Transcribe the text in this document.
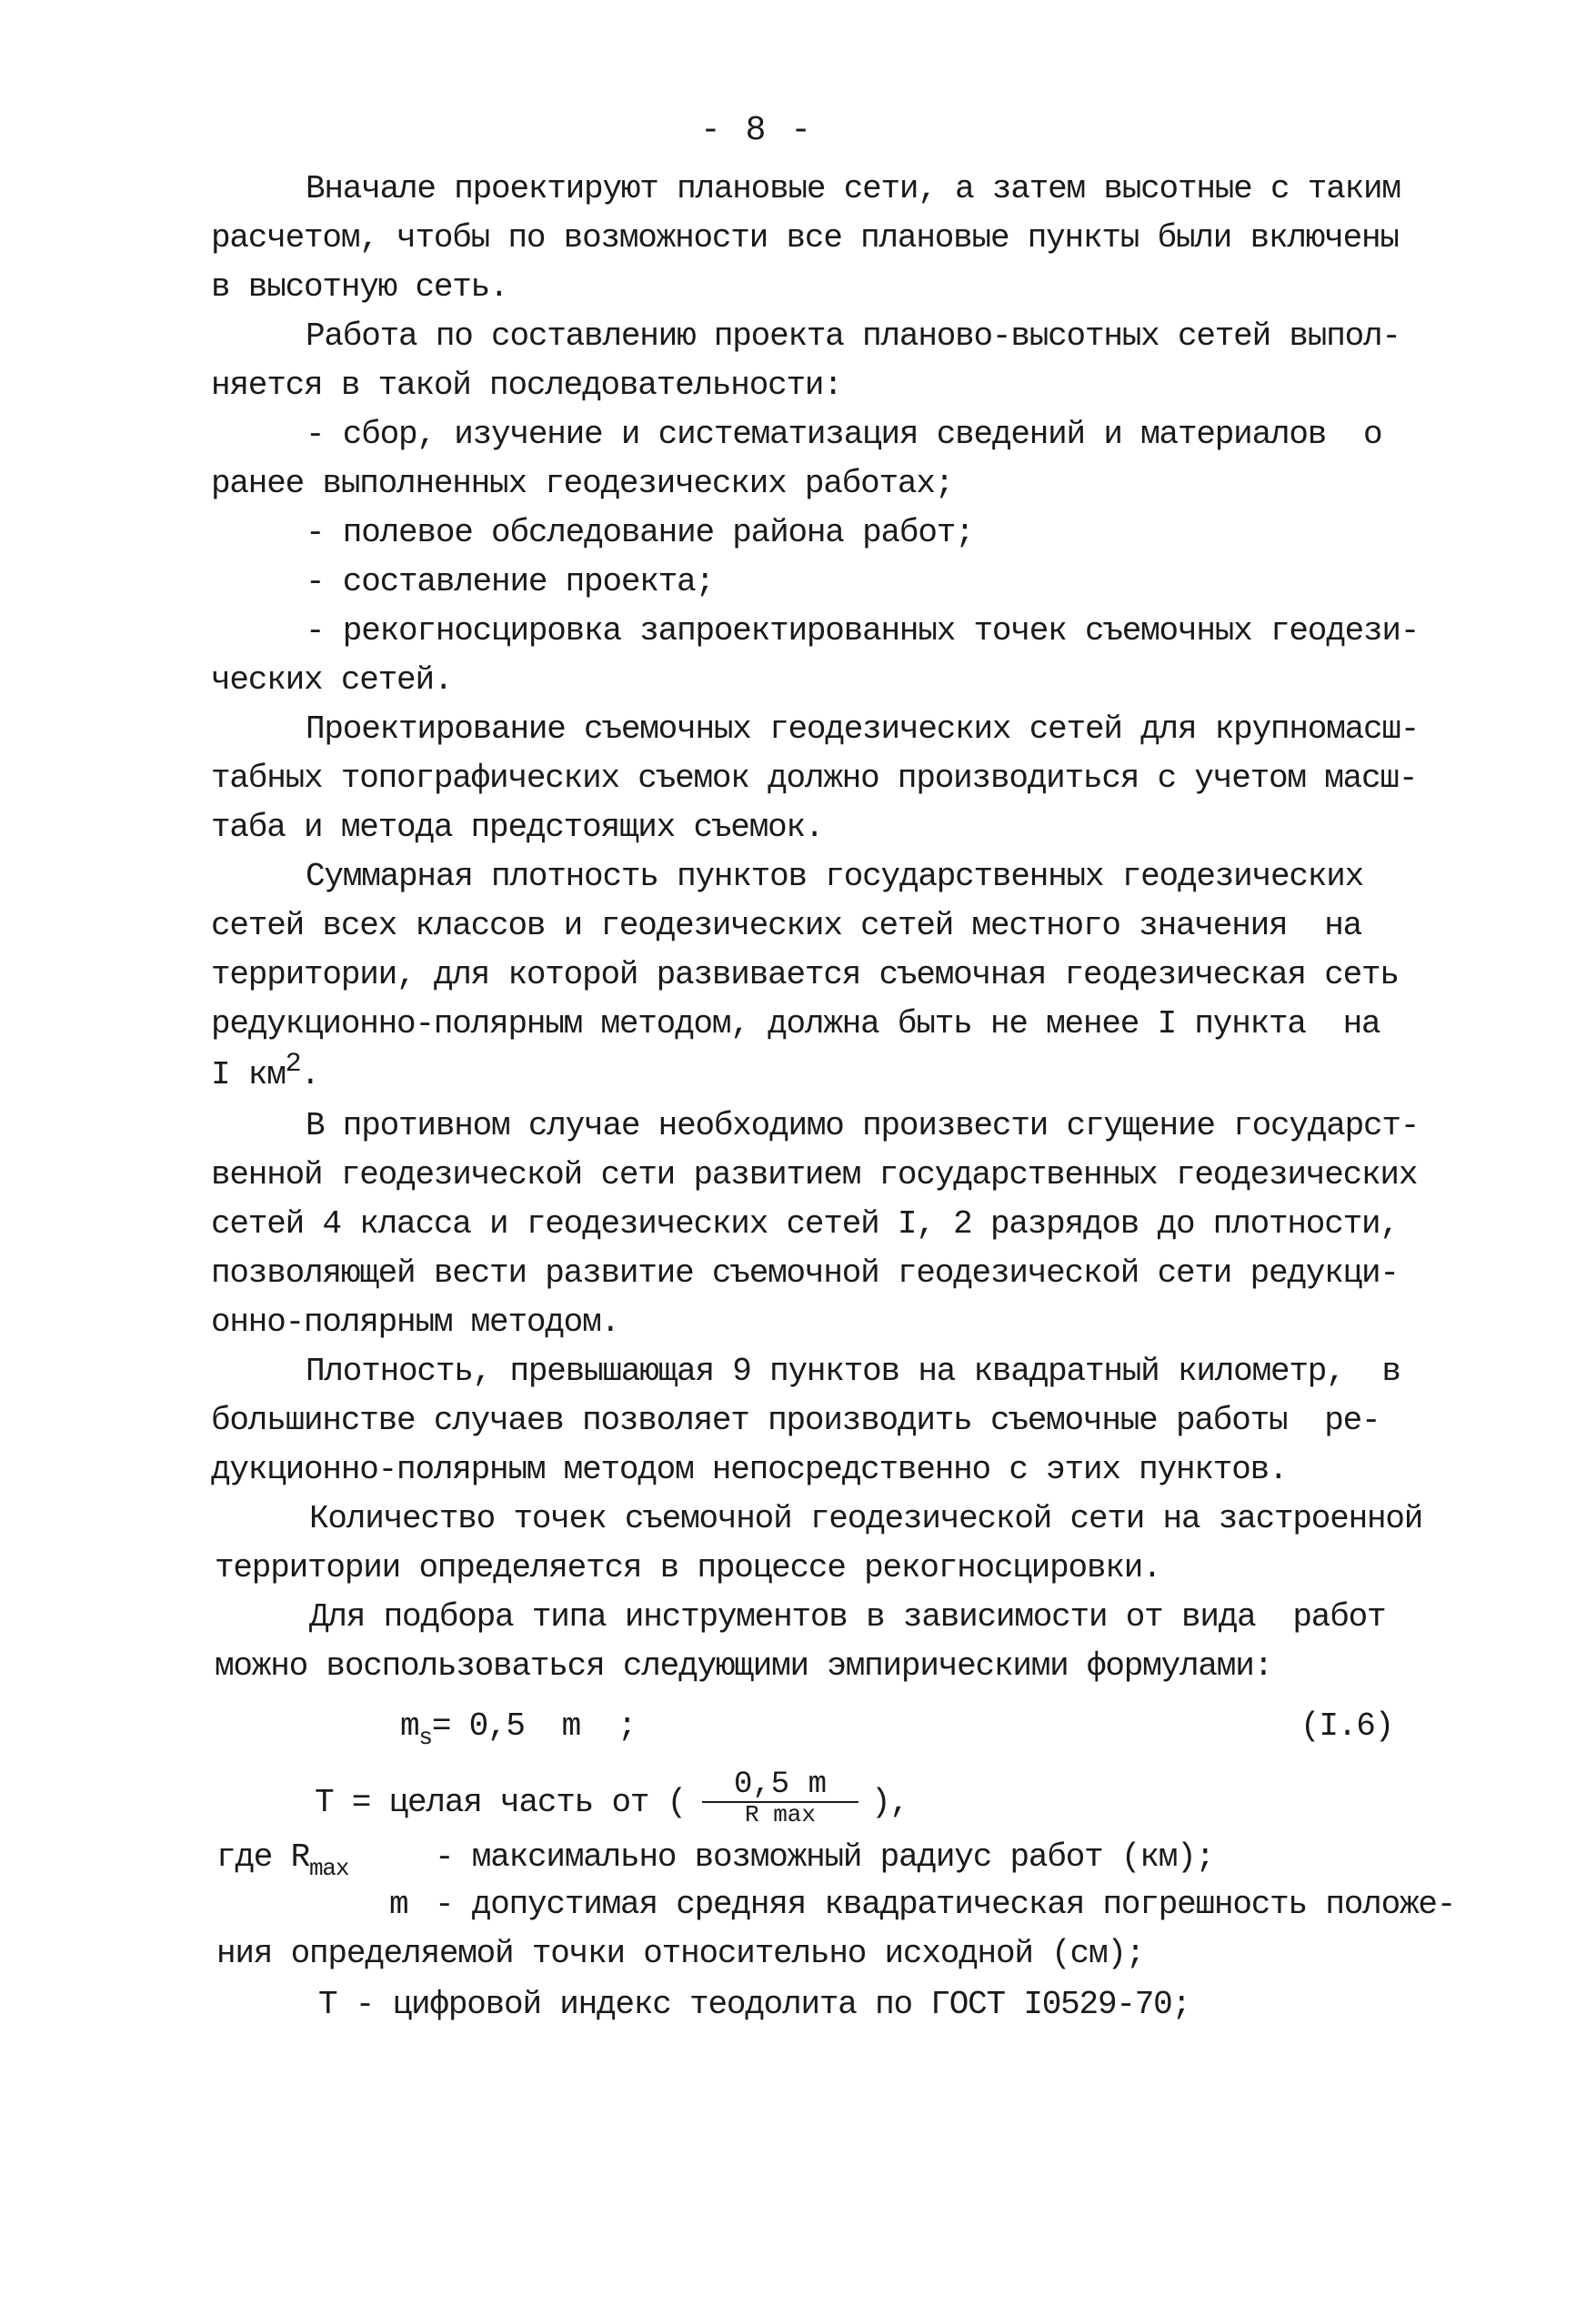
- 8 -
Вначале проектируют плановые сети, а затем высотные с таким
расчетом, чтобы по возможности все плановые пункты были включены
в высотную сеть.
Работа по составлению проекта планово-высотных сетей выпол-
няется в такой последовательности:
- сбор, изучение и систематизация сведений и материалов  о
ранее выполненных геодезических работах;
- полевое обследование района работ;
- составление проекта;
- рекогносцировка запроектированных точек съемочных геодези-
ческих сетей.
Проектирование съемочных геодезических сетей для крупномасш-
табных топографических съемок должно производиться с учетом масш-
таба и метода предстоящих съемок.
Суммарная плотность пунктов государственных геодезических
сетей всех классов и геодезических сетей местного значения  на
территории, для которой развивается съемочная геодезическая сеть
редукционно-полярным методом, должна быть не менее I пункта  на
I $км^2$.
В противном случае необходимо произвести сгущение государст-
венной геодезической сети развитием государственных геодезических
сетей 4 класса и геодезических сетей I, 2 разрядов до плотности,
позволяющей вести развитие съемочной геодезической сети редукци-
онно-полярным методом.
Плотность, превышающая 9 пунктов на квадратный километр,  в
большинстве случаев позволяет производить съемочные работы  ре-
дукционно-полярным методом непосредственно с этих пунктов.
Количество точек съемочной геодезической сети на застроенной
территории определяется в процессе рекогносцировки.
Для подбора типа инструментов в зависимости от вида  работ
можно воспользоваться следующими эмпирическими формулами:
$m_s= 0,5$  m  ;	(I.6)
T = целая часть от (	0,5 m
R max	),
где $R_{max}$	- максимально возможный радиус работ (км);
m - допустимая средняя квадратическая погрешность положе-
ния определяемой точки относительно исходной (см);
Т - цифровой индекс теодолита по ГОСТ I0529-70;
